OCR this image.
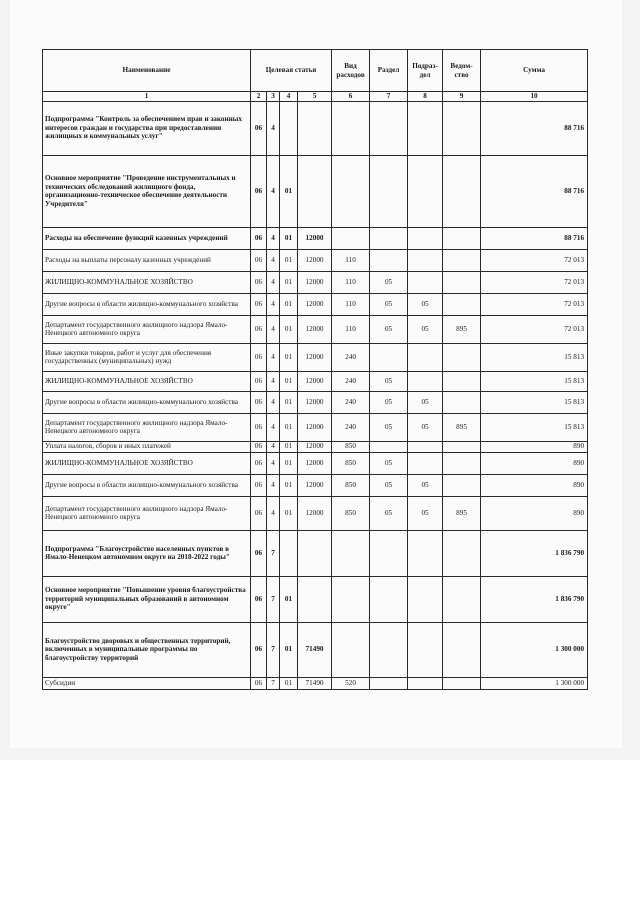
Наименование	Целевая статья				Вид расходов	Раздел	Подраз-дел	Ведом-ство	Сумма
1	2	3	4	5	6	7	8	9	10
Подпрограмма "Контроль за обеспечением прав и законных интересов граждан и государства при предоставлении жилищных и коммунальных услуг"	06	4							88 716
Основное мероприятие "Проведение инструментальных и технических обследований жилищного фонда, организационно-техническое обеспечение деятельности Учредителя"	06	4	01						88 716
Расходы на обеспечение функций казенных учреждений	06	4	01	12000					88 716
Расходы на выплаты персоналу казенных учреждений	06	4	01	12000	110				72 013
ЖИЛИЩНО-КОММУНАЛЬНОЕ ХОЗЯЙСТВО	06	4	01	12000	110	05			72 013
Другие вопросы в области жилищно-коммунального хозяйства	06	4	01	12000	110	05	05		72 013
Департамент государственного жилищного надзора Ямало-Ненецкого автономного округа	06	4	01	12000	110	05	05	895	72 013
Иные закупки товаров, работ и услуг для обеспечения государственных (муниципальных) нужд	06	4	01	12000	240				15 813
ЖИЛИЩНО-КОММУНАЛЬНОЕ ХОЗЯЙСТВО	06	4	01	12000	240	05			15 813
Другие вопросы в области жилищно-коммунального хозяйства	06	4	01	12000	240	05	05		15 813
Департамент государственного жилищного надзора Ямало-Ненецкого автономного округа	06	4	01	12000	240	05	05	895	15 813
Уплата налогов, сборов и иных платежей	06	4	01	12000	850				890
ЖИЛИЩНО-КОММУНАЛЬНОЕ ХОЗЯЙСТВО	06	4	01	12000	850	05			890
Другие вопросы в области жилищно-коммунального хозяйства	06	4	01	12000	850	05	05		890
Департамент государственного жилищного надзора Ямало-Ненецкого автономного округа	06	4	01	12000	850	05	05	895	890
Подпрограмма "Благоустройство населенных пунктов в Ямало-Ненецком автономном округе на 2018-2022 годы"	06	7							1 836 790
Основное мероприятие "Повышение уровня благоустройства территорий муниципальных образований в автономном округе"	06	7	01						1 836 790
Благоустройство дворовых и общественных территорий, включенных в муниципальные программы по благоустройству территорий	06	7	01	71490					1 300 000
Субсидии	06	7	01	71490	520				1 300 000
